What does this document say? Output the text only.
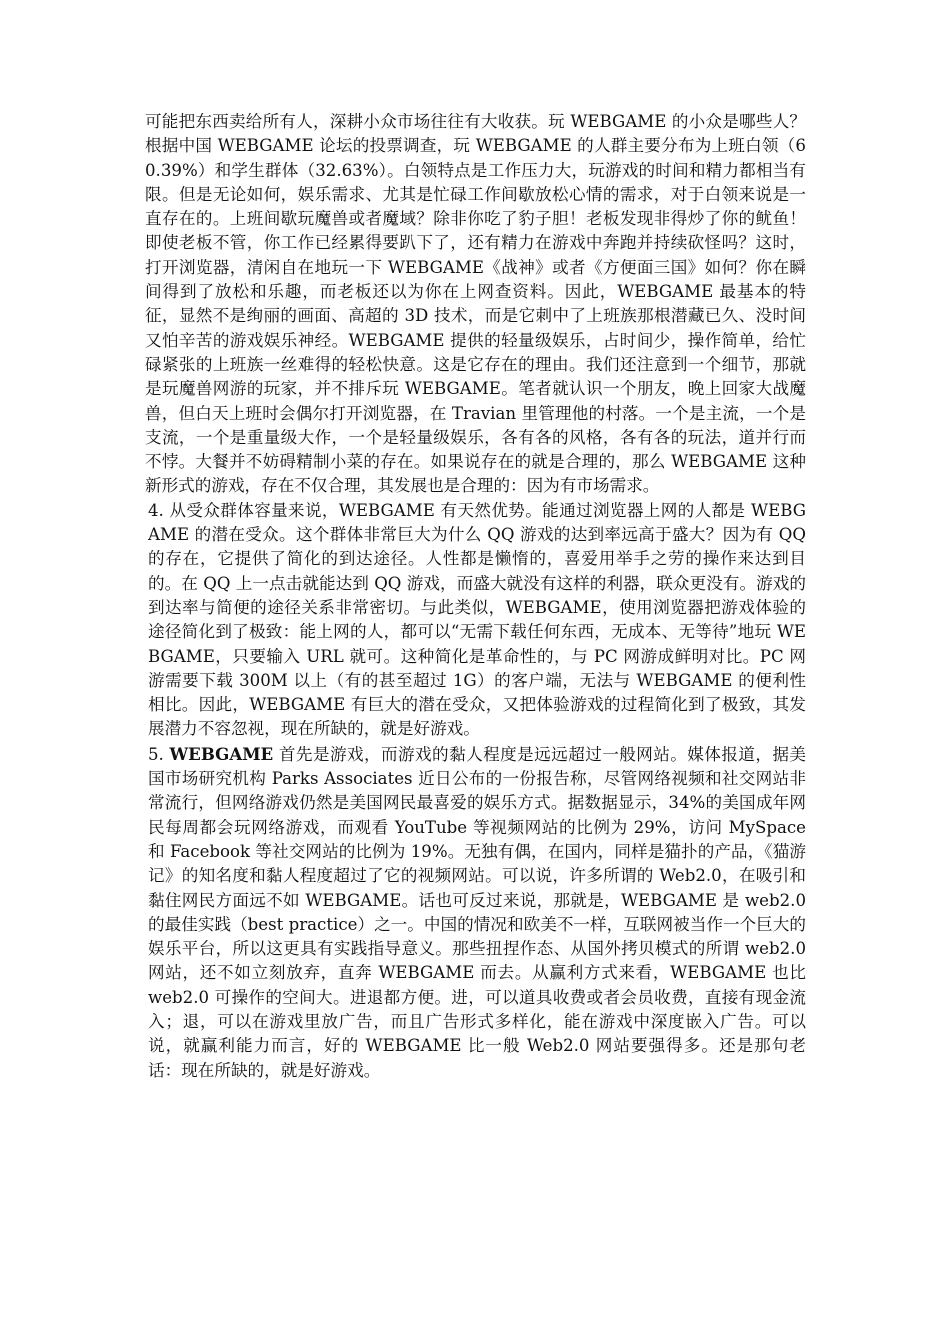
可能把东西卖给所有人，深耕小众市场往往有大收获。玩 WEBGAME 的小众是哪些人？根据中国 WEBGAME 论坛的投票调查，玩 WEBGAME 的人群主要分布为上班白领（60.39%）和学生群体（32.63%）。白领特点是工作压力大，玩游戏的时间和精力都相当有限。但是无论如何，娱乐需求、尤其是忙碌工作间歇放松心情的需求，对于白领来说是一直存在的。上班间歇玩魔兽或者魔域？除非你吃了豹子胆！老板发现非得炒了你的鱿鱼！即使老板不管，你工作已经累得要趴下了，还有精力在游戏中奔跑并持续砍怪吗？这时，打开浏览器，清闲自在地玩一下 WEBGAME《战神》或者《方便面三国》如何？你在瞬间得到了放松和乐趣，而老板还以为你在上网查资料。因此，WEBGAME 最基本的特征，显然不是绚丽的画面、高超的 3D 技术，而是它刺中了上班族那根潜藏已久、没时间又怕辛苦的游戏娱乐神经。WEBGAME 提供的轻量级娱乐，占时间少，操作简单，给忙碌紧张的上班族一丝难得的轻松快意。这是它存在的理由。我们还注意到一个细节，那就是玩魔兽网游的玩家，并不排斥玩 WEBGAME。笔者就认识一个朋友，晚上回家大战魔兽，但白天上班时会偶尔打开浏览器，在 Travian 里管理他的村落。一个是主流，一个是支流，一个是重量级大作，一个是轻量级娱乐，各有各的风格，各有各的玩法，道并行而不悖。大餐并不妨碍精制小菜的存在。如果说存在的就是合理的，那么 WEBGAME 这种新形式的游戏，存在不仅合理，其发展也是合理的：因为有市场需求。

4. 从受众群体容量来说，WEBGAME 有天然优势。能通过浏览器上网的人都是 WEBGAME 的潜在受众。这个群体非常巨大为什么 QQ 游戏的达到率远高于盛大？因为有 QQ 的存在，它提供了简化的到达途径。人性都是懒惰的，喜爱用举手之劳的操作来达到目的。在 QQ 上一点击就能达到 QQ 游戏，而盛大就没有这样的利器，联众更没有。游戏的到达率与简便的途径关系非常密切。与此类似，WEBGAME，使用浏览器把游戏体验的途径简化到了极致：能上网的人，都可以“无需下载任何东西，无成本、无等待”地玩 WEBGAME，只要输入 URL 就可。这种简化是革命性的，与 PC 网游成鲜明对比。PC 网游需要下载 300M 以上（有的甚至超过 1G）的客户端，无法与 WEBGAME 的便利性相比。因此，WEBGAME 有巨大的潜在受众，又把体验游戏的过程简化到了极致，其发展潜力不容忽视，现在所缺的，就是好游戏。

5. WEBGAME 首先是游戏，而游戏的黏人程度是远远超过一般网站。媒体报道，据美国市场研究机构 Parks Associates 近日公布的一份报告称，尽管网络视频和社交网站非常流行，但网络游戏仍然是美国网民最喜爱的娱乐方式。据数据显示，34%的美国成年网民每周都会玩网络游戏，而观看 YouTube 等视频网站的比例为 29%，访问 MySpace 和 Facebook 等社交网站的比例为 19%。无独有偶，在国内，同样是猫扑的产品，《猫游记》的知名度和黏人程度超过了它的视频网站。可以说，许多所谓的 Web2.0，在吸引和黏住网民方面远不如 WEBGAME。话也可反过来说，那就是，WEBGAME 是 web2.0 的最佳实践（best practice）之一。中国的情况和欧美不一样，互联网被当作一个巨大的娱乐平台，所以这更具有实践指导意义。那些扭捏作态、从国外拷贝模式的所谓 web2.0 网站，还不如立刻放弃，直奔 WEBGAME 而去。从赢利方式来看，WEBGAME 也比 web2.0 可操作的空间大。进退都方便。进，可以道具收费或者会员收费，直接有现金流入；退，可以在游戏里放广告，而且广告形式多样化，能在游戏中深度嵌入广告。可以说，就赢利能力而言，好的 WEBGAME 比一般 Web2.0 网站要强得多。还是那句老话：现在所缺的，就是好游戏。
